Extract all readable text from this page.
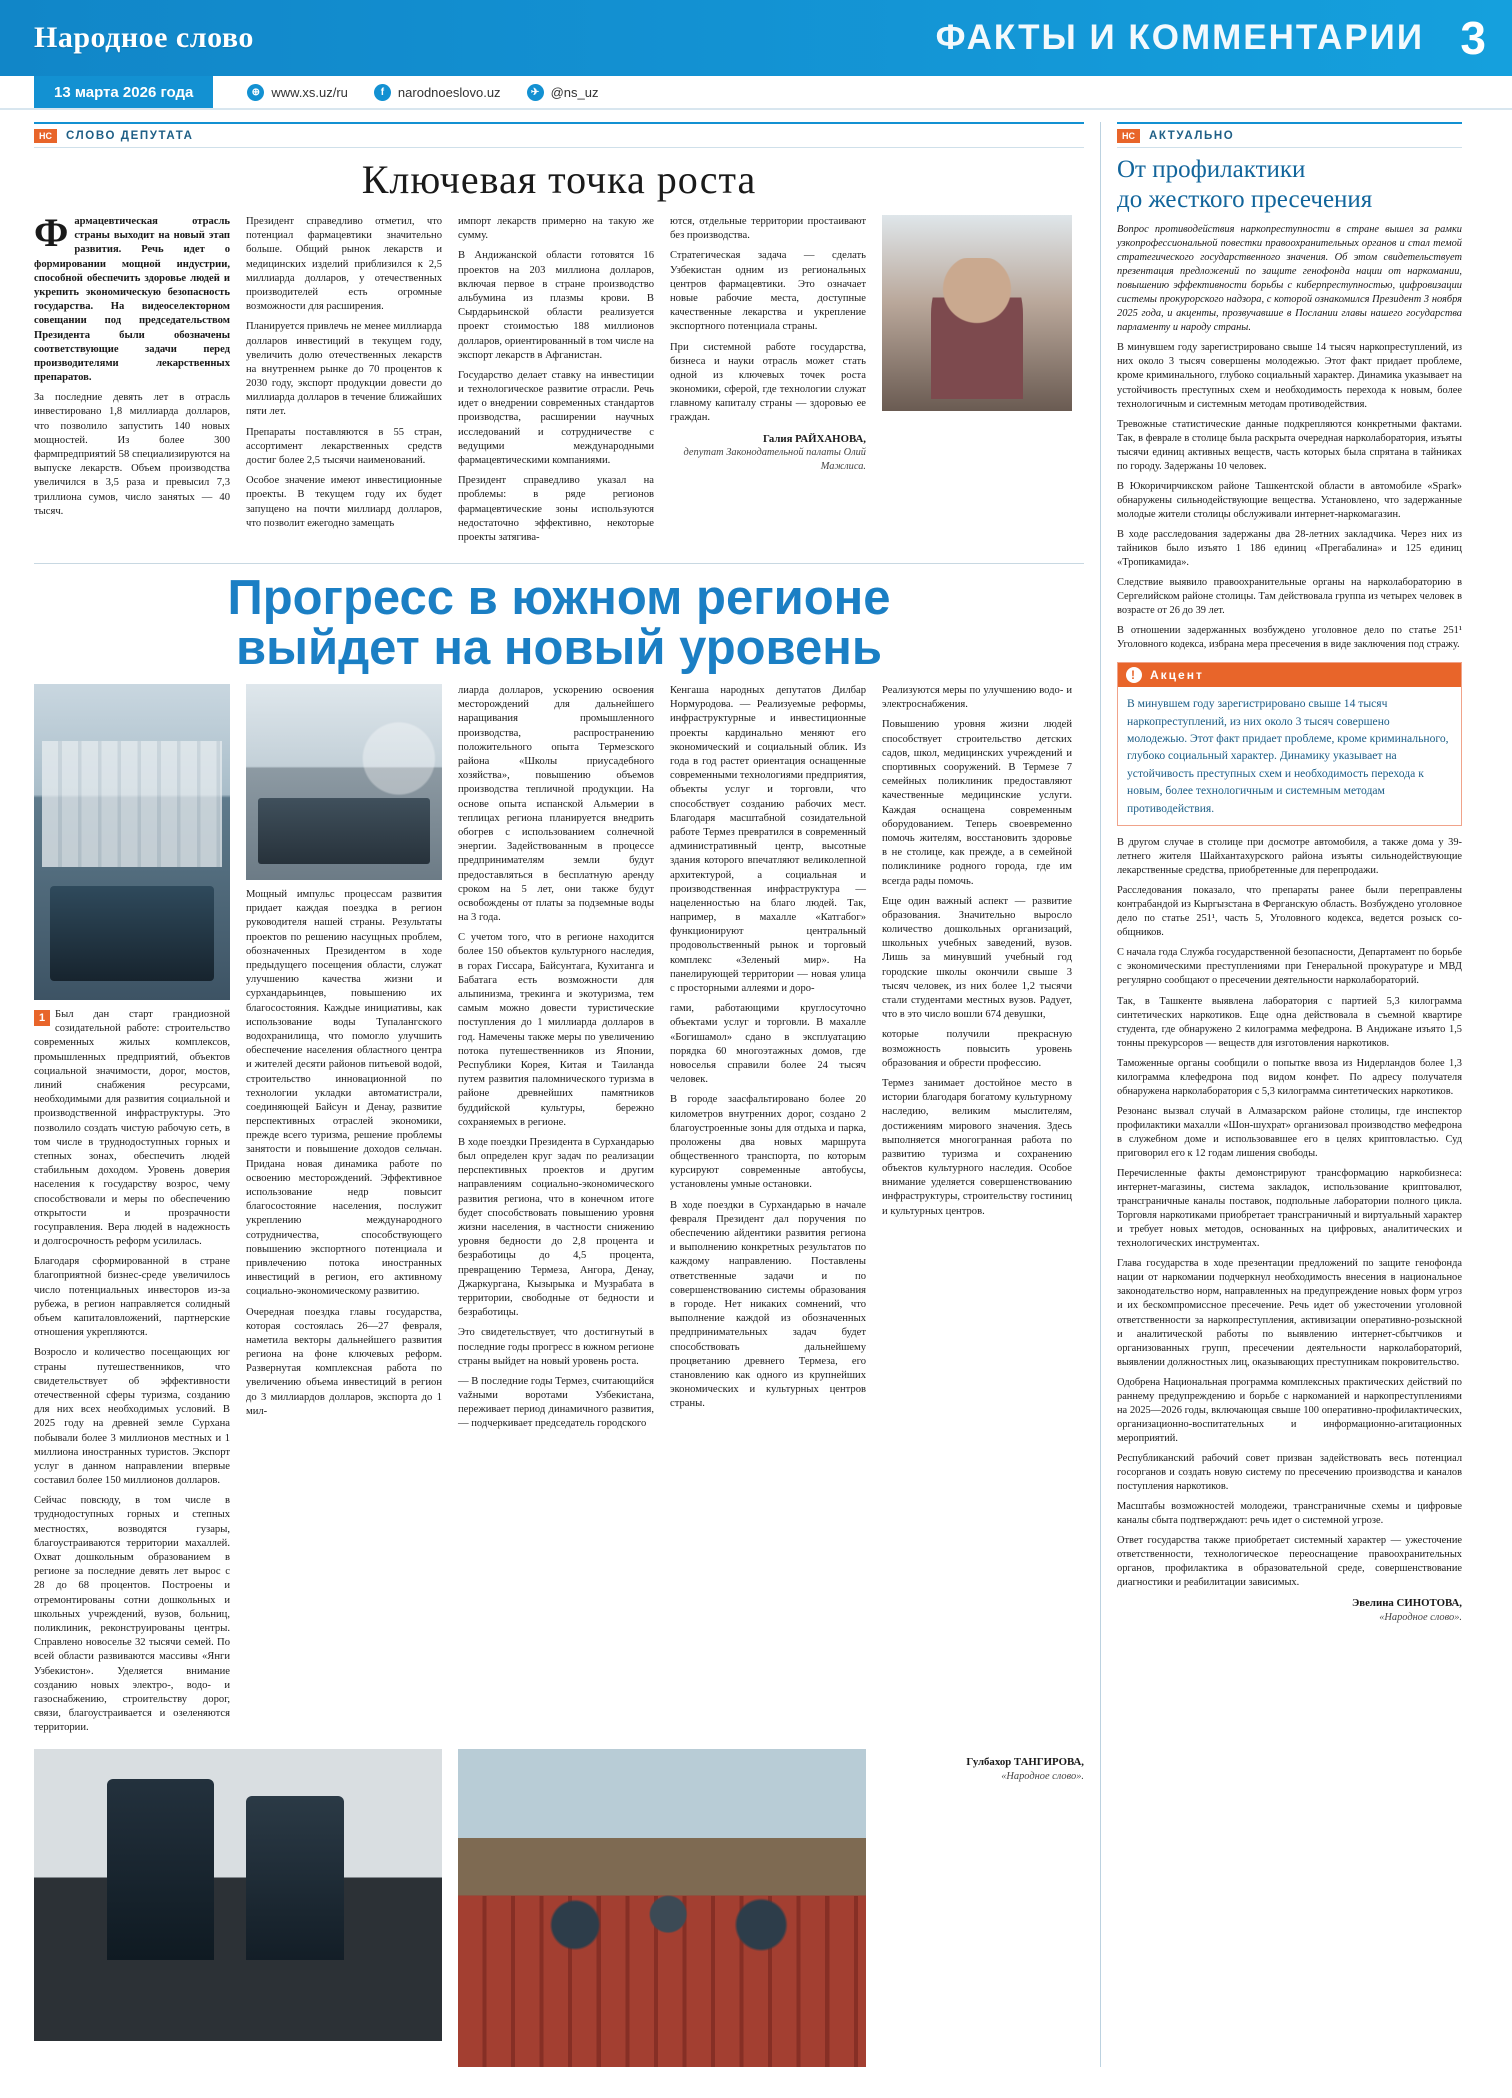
Народное слово	ФАКТЫ И КОММЕНТАРИИ 3
13 марта 2026 года	⊕ www.xs.uz/ru	f	narodnoeslovo.uz	✈ @ns_uz
НС	СЛОВО ДЕПУТАТА
Ключевая точка роста

Фармацевтическая отрасль страны выходит на новый этап развития. Речь идет о формировании мощной индустрии, способной обеспечить здоровье людей и укрепить экономическую безопасность государства. На видеоселекторном совещании под председательством Президента были обозначены соответствующие задачи перед производителями лекарственных препаратов.

За последние девять лет в отрасль инвестировано 1,8 миллиарда долларов, что позволило запустить 140 новых мощностей. Из более 300 фармпредприятий 58 специализируются на выпуске лекарств. Объем производства увеличился в 3,5 раза и превысил 7,3 триллиона сумов, число занятых — 40 тысяч.

Президент справедливо отметил, что потенциал фармацевтики значительно больше. Общий рынок лекарств и медицинских изделий приблизился к 2,5 миллиарда долларов, у отечественных производителей есть огромные возможности для расширения.

Планируется привлечь не менее миллиарда долларов инвестиций в текущем году, увеличить долю отечественных лекарств на внутреннем рынке до 70 процентов к 2030 году, экспорт продукции довести до миллиарда долларов в течение ближайших пяти лет.

Препараты поставляются в 55 стран, ассортимент лекарственных средств достиг более 2,5 тысячи наименований.

Особое значение имеют инвестиционные проекты. В текущем году их будет запущено на почти миллиард долларов, что позволит ежегодно замещать

импорт лекарств примерно на такую же сумму.

В Андижанской области готовятся 16 проектов на 203 миллиона долларов, включая первое в стране производство альбумина из плазмы крови. В Сырдарьинской области реализуется проект стоимостью 188 миллионов долларов, ориентированный в том числе на экспорт лекарств в Афганистан.

Государство делает ставку на инвестиции и технологическое развитие отрасли. Речь идет о внедрении современных стандартов производства, расширении научных исследований и сотрудничестве с ведущими международными фармацевтическими компаниями.

Президент справедливо указал на проблемы: в ряде регионов фармацевтические зоны используются недостаточно эффективно, некоторые проекты затягива-

ются, отдельные территории простаивают без производства.

Стратегическая задача — сделать Узбекистан одним из региональных центров фармацевтики. Это означает новые рабочие места, доступные качественные лекарства и укрепление экспортного потенциала страны.

При системной работе государства, бизнеса и науки отрасль может стать одной из ключевых точек роста экономики, сферой, где технологии служат главному капиталу страны — здоровью ее граждан.

Галия РАЙХАНОВА,
депутат Законодательной палаты Олий Мажлиса.
Прогресс в южном регионе
выйдет на новый уровень

1 Был дан старт грандиозной созидательной работе: строительство современных жилых комплексов, промышленных предприятий, объектов социальной значимости, дорог, мостов, линий снабжения ресурсами, необходимыми для развития социальной и производственной инфраструктуры. Это позволило создать чистую рабочую сеть, в том числе в труднодоступных горных и степных зонах, обеспечить людей стабильным доходом. Уровень доверия населения к государству возрос, чему способствовали и меры по обеспечению открытости и прозрачности госуправления. Вера людей в надежность и долгосрочность реформ усилилась.

Благодаря сформированной в стране благоприятной бизнес-среде увеличилось число потенциальных инвесторов из-за рубежа, в регион направляется солидный объем капиталовложений, партнерские отношения укрепляются.

Возросло и количество посещающих юг страны путешественников, что свидетельствует об эффективности отечественной сферы туризма, созданию для них всех необходимых условий. В 2025 году на древней земле Сурхана побывали более 3 миллионов местных и 1 миллиона иностранных туристов. Экспорт услуг в данном направлении впервые составил более 150 миллионов долларов.

Сейчас повсюду, в том числе в труднодоступных горных и степных местностях, возводятся гузары, благоустраиваются территории махаллей. Охват дошкольным образованием в регионе за последние девять лет вырос с 28 до 68 процентов. Построены и отремонтированы сотни дошкольных и школьных учреждений, вузов, больниц, поликлиник, реконструированы центры. Справлено новоселье 32 тысячи семей. По всей области развиваются массивы «Янги Узбекистон». Уделяется внимание созданию новых электро-, водо- и газоснабжению, строительству дорог, связи, благоустраивается и озеленяются территории.

Мощный импульс процессам развития придает каждая поездка в регион руководителя нашей страны. Результаты проектов по решению насущных проблем, обозначенных Президентом в ходе предыдущего посещения области, служат улучшению качества жизни и сурхандарьинцев, повышению их благосостояния. Каждые инициативы, как использование воды Тупалангского водохранилища, что помогло улучшить обеспечение населения областного центра и жителей десяти районов питьевой водой, строительство инновационной по технологии укладки автоматистрали, соединяющей Байсун и Денау, развитие перспективных отраслей экономики, прежде всего туризма, решение проблемы занятости и повышение доходов сельчан. Придана новая динамика работе по освоению месторождений. Эффективное использование недр повысит благосостояние населения, послужит укреплению международного сотрудничества, способствующего повышению экспортного потенциала и привлечению потока иностранных инвестиций в регион, его активному социально-экономическому развитию.

Очередная поездка главы государства, которая состоялась 26—27 февраля, наметила векторы дальнейшего развития региона на фоне ключевых реформ. Развернутая комплексная работа по увеличению объема инвестиций в регион до 3 миллиардов долларов, экспорта до 1 мил-

лиарда долларов, ускорению освоения месторождений для дальнейшего наращивания промышленного производства, распространению положительного опыта Термезского района «Школы приусадебного хозяйства», повышению объемов производства тепличной продукции. На основе опыта испанской Альмерии в теплицах региона планируется внедрить обогрев с использованием солнечной энергии. Задействованным в процессе предпринимателям земли будут предоставляться в бесплатную аренду сроком на 5 лет, они также будут освобождены от платы за подземные воды на 3 года.

С учетом того, что в регионе находится более 150 объектов культурного наследия, в горах Гиссара, Байсунтага, Кухитанга и Бабатага есть возможности для альпинизма, трекинга и экотуризма, тем самым можно довести туристические поступления до 1 миллиарда долларов в год. Намечены также меры по увеличению потока путешественников из Японии, Республики Корея, Китая и Таиланда путем развития паломнического туризма в районе древнейших памятников буддийской культуры, бережно сохраняемых в регионе.

В ходе поездки Президента в Сурхандарью был определен круг задач по реализации перспективных проектов и другим направлениям социально-экономического развития региона, что в конечном итоге будет способствовать повышению уровня жизни населения, в частности снижению уровня бедности до 2,8 процента и безработицы до 4,5 процента, превращению Термеза, Ангора, Денау, Джаркургана, Кызырыка и Музрабата в территории, свободные от бедности и безработицы.

Это свидетельствует, что достигнутый в последние годы прогресс в южном регионе страны выйдет на новый уровень роста.

— В последние годы Термез, считающийся važными воротами Узбекистана, переживает период динамичного развития, — подчеркивает председатель городского

Кенгаша народных депутатов Дилбар Нормуродова. — Реализуемые реформы, инфраструктурные и инвестиционные проекты кардинально меняют его экономический и социальный облик. Из года в год растет ориентация оснащенные современными технологиями предприятия, объекты услуг и торговли, что способствует созданию рабочих мест. Благодаря масштабной созидательной работе Термез превратился в современный административный центр, высотные здания которого впечатляют великолепной архитектурой, а социальная и производственная инфраструктура — нацеленностью на благо людей. Так, например, в махалле «Катгабог» функционируют центральный продовольственный рынок и торговый комплекс «Зеленый мир». На панелирующей территории — новая улица с просторными аллеями и доро-

гами, работающими круглосуточно объектами услуг и торговли. В махалле «Богишамол» сдано в эксплуатацию порядка 60 многоэтажных домов, где новоселья справили более 24 тысяч человек.

В городе заасфальтировано более 20 километров внутренних дорог, создано 2 благоустроенные зоны для отдыха и парка, проложены два новых маршрута общественного транспорта, по которым курсируют современные автобусы, установлены умные остановки.

В ходе поездки в Сурхандарью в начале февраля Президент дал поручения по обеспечению айдентики развития региона и выполнению конкретных результатов по каждому направлению. Поставлены ответственные задачи и по совершенствованию системы образования в городе. Нет никаких сомнений, что выполнение каждой из обозначенных предпринимательных задач будет способствовать дальнейшему процветанию древнего Термеза, его становлению как одного из крупнейших экономических и культурных центров страны.

Реализуются меры по улучшению водо- и электроснабжения.

Повышению уровня жизни людей способствует строительство детских садов, школ, медицинских учреждений и спортивных сооружений. В Термезе 7 семейных поликлиник предоставляют качественные медицинские услуги. Каждая оснащена современным оборудованием. Теперь своевременно помочь жителям, восстановить здоровье в не столице, как прежде, а в семейной поликлинике родного города, где им всегда рады помочь.

Еще один важный аспект — развитие образования. Значительно выросло количество дошкольных организаций, школьных учебных заведений, вузов. Лишь за минувший учебный год городские школы окончили свыше 3 тысяч человек, из них более 1,2 тысячи стали студентами местных вузов. Радует, что в это число вошли 674 девушки,

которые получили прекрасную возможность повысить уровень образования и обрести профессию.

Термез занимает достойное место в истории благодаря богатому культурному наследию, великим мыслителям, достижениям мирового значения. Здесь выполняется многогранная работа по развитию туризма и сохранению объектов культурного наследия. Особое внимание уделяется совершенствованию инфраструктуры, строительству гостиниц и культурных центров.

Гулбахор ТАНГИРОВА,
«Народное слово».
НС	АКТУАЛЬНО
От профилактики
до жесткого пресечения

Вопрос противодействия наркопреступности в стране вышел за рамки узкопрофессиональной повестки правоохранительных органов и стал темой стратегического государственного значения. Об этом свидетельствует презентация предложений по защите генофонда нации от наркомании, повышению эффективности борьбы с киберпреступностью, цифровизации системы прокурорского надзора, с которой ознакомился Президент 3 ноября 2025 года, и акценты, прозвучавшие в Послании главы нашего государства парламенту и народу страны.

В минувшем году зарегистрировано свыше 14 тысяч наркопреступлений, из них около 3 тысяч совершены молодежью. Этот факт придает проблеме, кроме криминального, глубоко социальный характер. Динамика указывает на устойчивость преступных схем и необходимость перехода к новым, более технологичным и системным методам противодействия.

Тревожные статистические данные подкрепляются конкретными фактами. Так, в феврале в столице была раскрыта очередная нарколаборатория, изъяты тысячи единиц активных веществ, часть которых была спрятана в тайниках по городу. Задержаны 10 человек.

В Юкоричирчикском районе Ташкентской области в автомобиле «Spark» обнаружены сильнодействующие вещества. Установлено, что задержанные молодые жители столицы обслуживали интернет-наркомагазин.

В ходе расследования задержаны два 28-летних закладчика. Через них из тайников было изъято 1 186 единиц «Прегабалина» и 125 единиц «Тропикамида».

Следствие выявило правоохранительные органы на нарколабораторию в Сергелийском районе столицы. Там действовала группа из четырех человек в возрасте от 26 до 39 лет.

В отношении задержанных возбуждено уголовное дело по статье 251¹ Уголовного кодекса, избрана мера пресечения в виде заключения под стражу.

!	Акцент
В минувшем году зарегистрировано свыше 14 тысяч наркопреступлений, из них около 3 тысяч совершено молодежью. Этот факт придает проблеме, кроме криминального, глубоко социальный характер. Динамику указывает на устойчивость преступных схем и необходимость перехода к новым, более технологичным и системным методам противодействия.

В другом случае в столице при досмотре автомобиля, а также дома у 39-летнего жителя Шайхантахурского района изъяты сильнодействующие лекарственные средства, приобретенные для перепродажи.

Расследования показало, что препараты ранее были переправлены контрабандой из Кыргызстана в Ферганскую область. Возбуждено уголовное дело по статье 251¹, часть 5, Уголовного кодекса, ведется розыск сообщников.

С начала года Служба государственной безопасности, Департамент по борьбе с экономическими преступлениями при Генеральной прокуратуре и МВД регулярно сообщают о пресечении деятельности нарколабораторий.

Так, в Ташкенте выявлена лаборатория с партией 5,3 килограмма синтетических наркотиков. Еще одна действовала в съемной квартире студента, где обнаружено 2 килограмма мефедрона. В Андижане изъято 1,5 тонны прекурсоров — веществ для изготовления наркотиков.

Таможенные органы сообщили о попытке ввоза из Нидерландов более 1,3 килограмма клефедрона под видом конфет. По адресу получателя обнаружена нарколаборатория с 5,3 килограмма синтетических наркотиков.

Резонанс вызвал случай в Алмазарском районе столицы, где инспектор профилактики махалли «Шон-шухрат» организовал производство мефедрона в служебном доме и использовавшее его в целях криптовластью. Суд приговорил его к 12 годам лишения свободы.

Перечисленные факты демонстрируют трансформацию наркобизнеса: интернет-магазины, система закладок, использование криптовалют, трансграничные каналы поставок, подпольные лаборатории полного цикла. Торговля наркотиками приобретает трансграничный и виртуальный характер и требует новых методов, основанных на цифровых, аналитических и технологических инструментах.

Глава государства в ходе презентации предложений по защите генофонда нации от наркомании подчеркнул необходимость внесения в национальное законодательство норм, направленных на предупреждение новых форм угроз и их бескомпромиссное пресечение. Речь идет об ужесточении уголовной ответственности за наркопреступления, активизации оперативно-розыскной и аналитической работы по выявлению интернет-сбытчиков и организованных групп, пресечении деятельности нарколабораторий, выявлении должностных лиц, оказывающих преступникам покровительство.

Одобрена Национальная программа комплексных практических действий по раннему предупреждению и борьбе с наркоманией и наркопреступлениями на 2025—2026 годы, включающая свыше 100 оперативно-профилактических, организационно-воспитательных и информационно-агитационных мероприятий.

Республиканский рабочий совет призван задействовать весь потенциал госорганов и создать новую систему по пресечению производства и каналов поступления наркотиков.

Масштабы возможностей молодежи, трансграничные схемы и цифровые каналы сбыта подтверждают: речь идет о системной угрозе.

Ответ государства также приобретает системный характер — ужесточение ответственности, технологическое переоснащение правоохранительных органов, профилактика в образовательной среде, совершенствование диагностики и реабилитации зависимых.

Эвелина СИНОТОВА,
«Народное слово».
